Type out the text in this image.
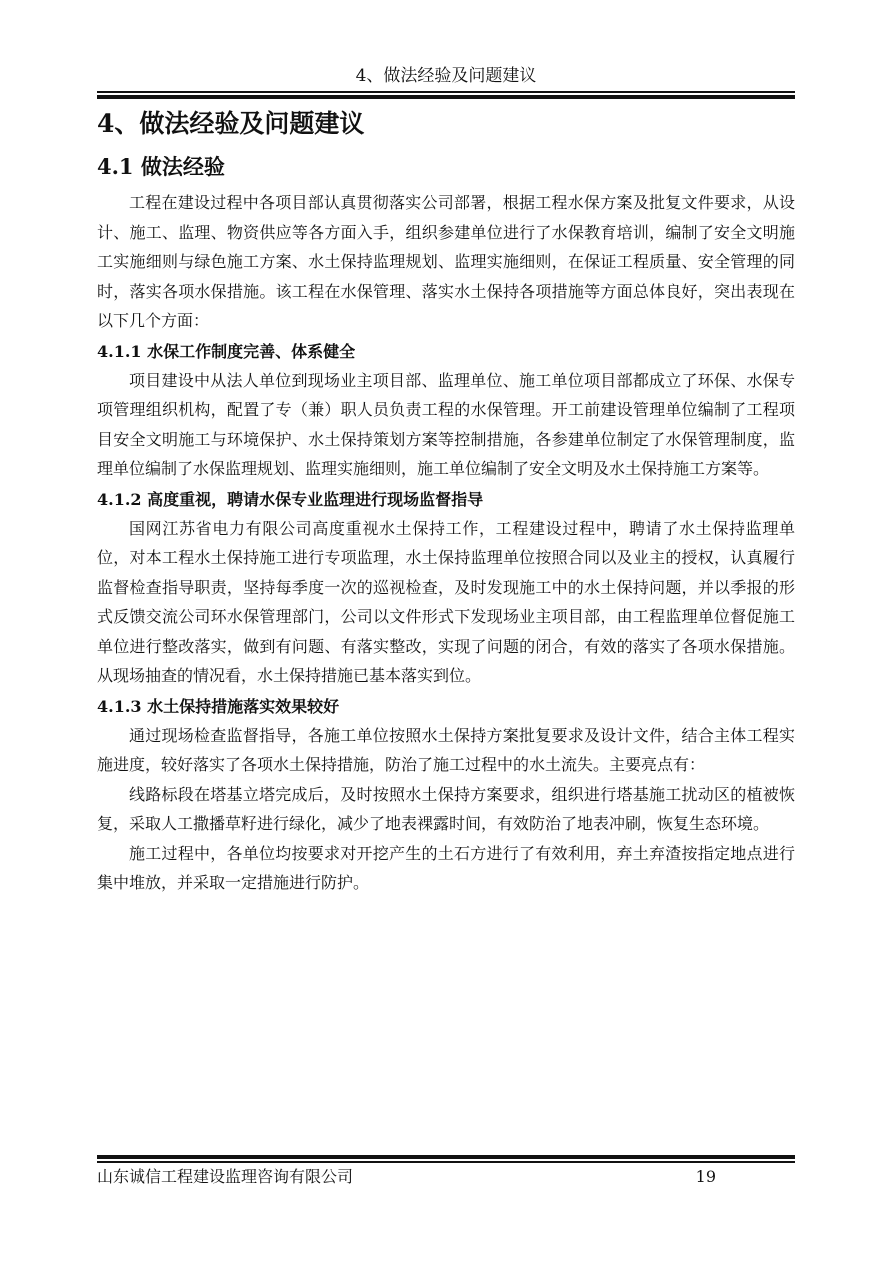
4、做法经验及问题建议
4、做法经验及问题建议
4.1 做法经验

工程在建设过程中各项目部认真贯彻落实公司部署，根据工程水保方案及批复文件要求，从设计、施工、监理、物资供应等各方面入手，组织参建单位进行了水保教育培训，编制了安全文明施工实施细则与绿色施工方案、水土保持监理规划、监理实施细则，在保证工程质量、安全管理的同时，落实各项水保措施。该工程在水保管理、落实水土保持各项措施等方面总体良好，突出表现在以下几个方面：

4.1.1 水保工作制度完善、体系健全

项目建设中从法人单位到现场业主项目部、监理单位、施工单位项目部都成立了环保、水保专项管理组织机构，配置了专（兼）职人员负责工程的水保管理。开工前建设管理单位编制了工程项目安全文明施工与环境保护、水土保持策划方案等控制措施，各参建单位制定了水保管理制度，监理单位编制了水保监理规划、监理实施细则，施工单位编制了安全文明及水土保持施工方案等。

4.1.2 高度重视，聘请水保专业监理进行现场监督指导

国网江苏省电力有限公司高度重视水土保持工作，工程建设过程中，聘请了水土保持监理单位，对本工程水土保持施工进行专项监理，水土保持监理单位按照合同以及业主的授权，认真履行监督检查指导职责，坚持每季度一次的巡视检查，及时发现施工中的水土保持问题，并以季报的形式反馈交流公司环水保管理部门，公司以文件形式下发现场业主项目部，由工程监理单位督促施工单位进行整改落实，做到有问题、有落实整改，实现了问题的闭合，有效的落实了各项水保措施。从现场抽查的情况看，水土保持措施已基本落实到位。

4.1.3 水土保持措施落实效果较好

通过现场检查监督指导，各施工单位按照水土保持方案批复要求及设计文件，结合主体工程实施进度，较好落实了各项水土保持措施，防治了施工过程中的水土流失。主要亮点有：

线路标段在塔基立塔完成后，及时按照水土保持方案要求，组织进行塔基施工扰动区的植被恢复，采取人工撒播草籽进行绿化，减少了地表裸露时间，有效防治了地表冲刷，恢复生态环境。

施工过程中，各单位均按要求对开挖产生的土石方进行了有效利用，弃土弃渣按指定地点进行集中堆放，并采取一定措施进行防护。

山东诚信工程建设监理咨询有限公司	19
